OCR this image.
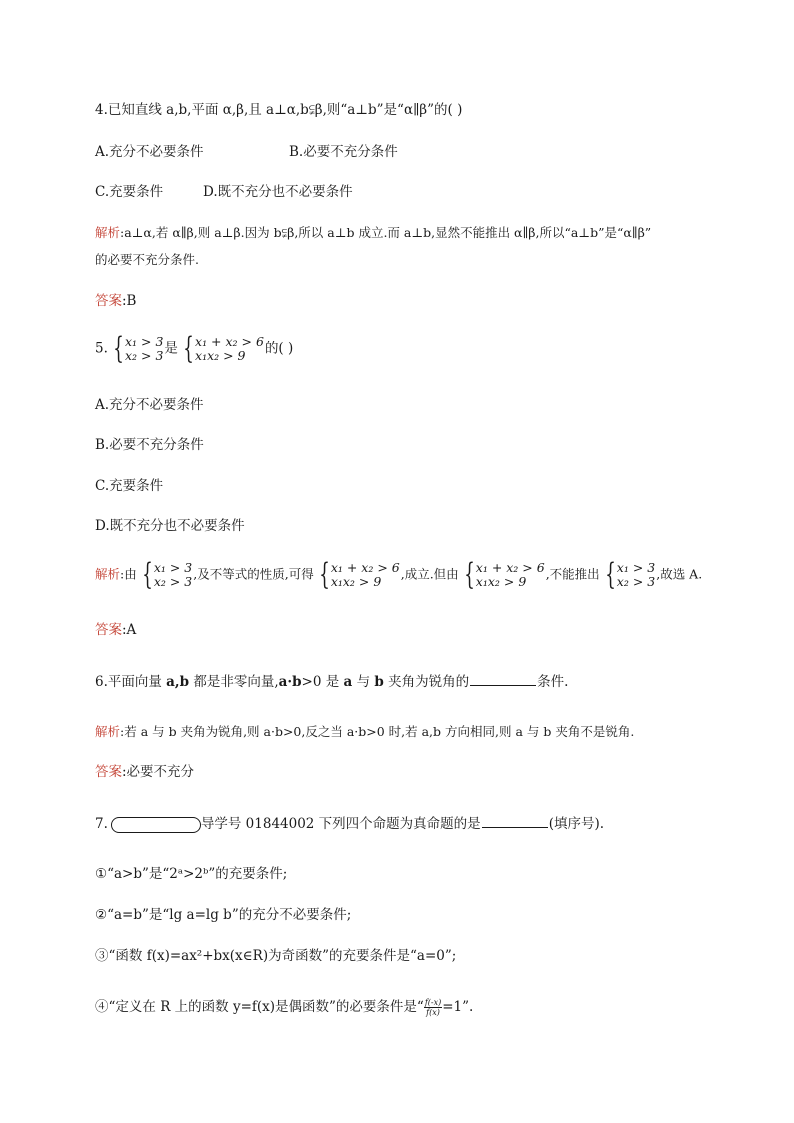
4.已知直线 a,b,平面 α,β,且 a⊥α,b⫋β,则“a⊥b”是“α∥β”的( )
A.充分不必要条件	B.必要不充分条件
C.充要条件	D.既不充分也不必要条件
解析:a⊥α,若 α∥β,则 a⊥β.因为 b⫋β,所以 a⊥b 成立.而 a⊥b,显然不能推出 α∥β,所以“a⊥b”是“α∥β”
的必要不充分条件.
答案:B
5. { x₁ > 3
x₂ > 3 是 { x₁ + x₂ > 6
x₁x₂ > 9	的( )
A.充分不必要条件
B.必要不充分条件
C.充要条件
D.既不充分也不必要条件
解析:由 { x₁ > 3
x₂ > 3 ,及不等式的性质,可得 { x₁ + x₂ > 6
x₁x₂ > 9	,成立.但由 { x₁ + x₂ > 6
x₁x₂ > 9	,不能推出 { x₁ > 3
x₂ > 3 ,故选 A.
答案:A
6.平面向量 a,b 都是非零向量,a·b>0 是 a 与 b 夹角为锐角的	条件.
解析:若 a 与 b 夹角为锐角,则 a·b>0,反之当 a·b>0 时,若 a,b 方向相同,则 a 与 b 夹角不是锐角.
答案:必要不充分
7.	导学号 01844002 下列四个命题为真命题的是	(填序号).
①“a>b”是“2ᵃ>2ᵇ”的充要条件;
②“a=b”是“lg a=lg b”的充分不必要条件;
③“函数 f(x)=ax²+bx(x∈R)为奇函数”的充要条件是“a=0”;
④“定义在 R 上的函数 y=f(x)是偶函数”的必要条件是“ $\frac{f(-x)}{f(x)} =1$”.
